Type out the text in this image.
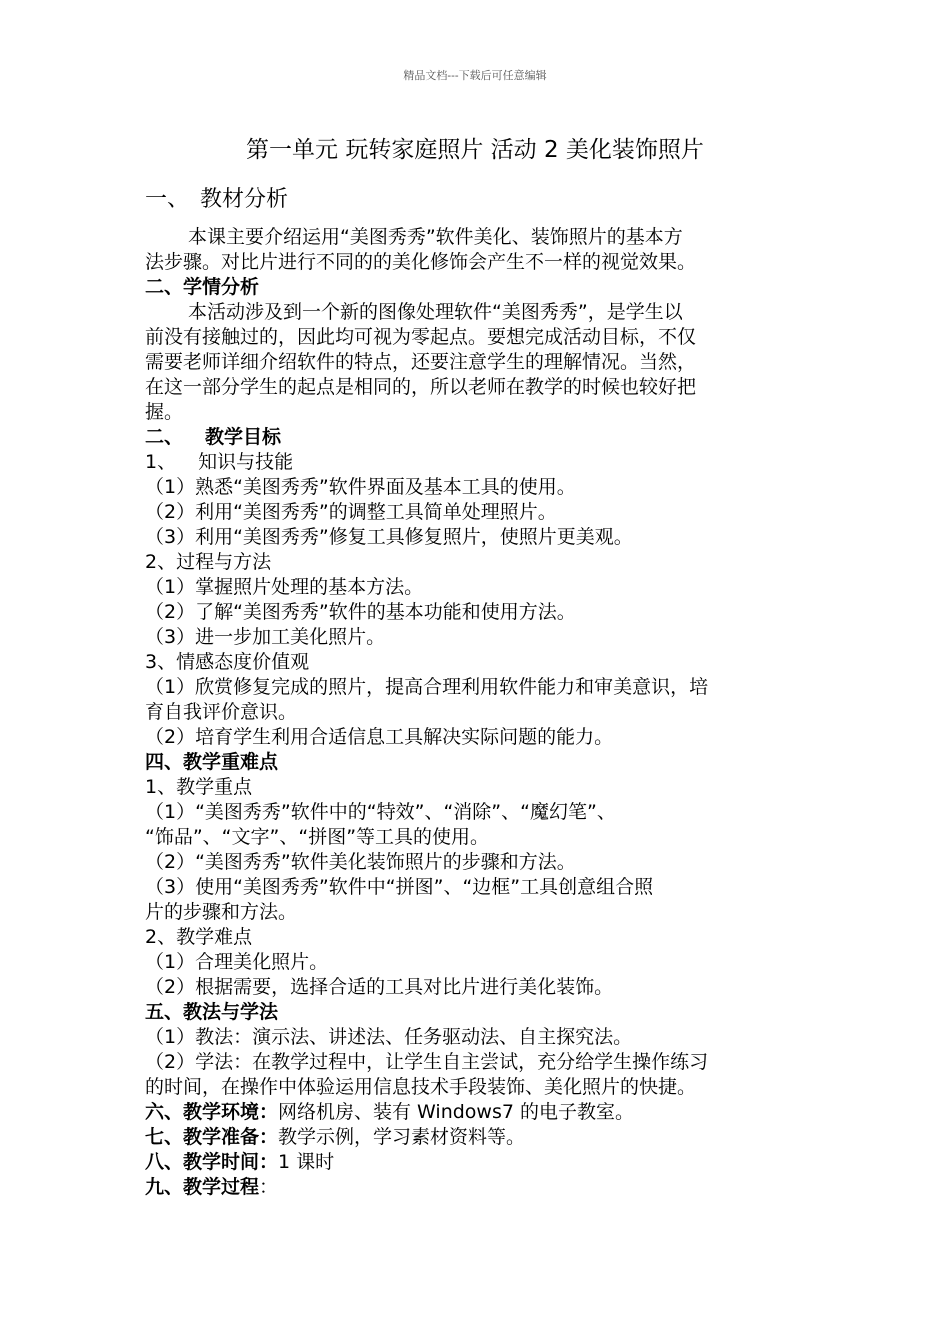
精品文档---下载后可任意编辑
第一单元 玩转家庭照片 活动 2 美化装饰照片
一、 教材分析
本课主要介绍运用“美图秀秀”软件美化、装饰照片的基本方
法步骤。对比片进行不同的的美化修饰会产生不一样的视觉效果。
二、学情分析
本活动涉及到一个新的图像处理软件“美图秀秀”，是学生以
前没有接触过的，因此均可视为零起点。要想完成活动目标，不仅
需要老师详细介绍软件的特点，还要注意学生的理解情况。当然，
在这一部分学生的起点是相同的，所以老师在教学的时候也较好把
握。
二、 教学目标
1、 知识与技能
（1）熟悉“美图秀秀”软件界面及基本工具的使用。
（2）利用“美图秀秀”的调整工具简单处理照片。
（3）利用“美图秀秀”修复工具修复照片，使照片更美观。
2、过程与方法
（1）掌握照片处理的基本方法。
（2）了解“美图秀秀”软件的基本功能和使用方法。
（3）进一步加工美化照片。
3、情感态度价值观
（1）欣赏修复完成的照片，提高合理利用软件能力和审美意识，培
育自我评价意识。
（2）培育学生利用合适信息工具解决实际问题的能力。
四、教学重难点
1、教学重点
（1）“美图秀秀”软件中的“特效”、“消除”、“魔幻笔”、
“饰品”、“文字”、“拼图”等工具的使用。
（2）“美图秀秀”软件美化装饰照片的步骤和方法。
（3）使用“美图秀秀”软件中“拼图”、“边框”工具创意组合照
片的步骤和方法。
2、教学难点
（1）合理美化照片。
（2）根据需要，选择合适的工具对比片进行美化装饰。
五、教法与学法
（1）教法：演示法、讲述法、任务驱动法、自主探究法。
（2）学法：在教学过程中，让学生自主尝试，充分给学生操作练习
的时间，在操作中体验运用信息技术手段装饰、美化照片的快捷。
六、教学环境：网络机房、装有 Windows7 的电子教室。
七、教学准备：教学示例，学习素材资料等。
八、教学时间：1 课时
九、教学过程：
